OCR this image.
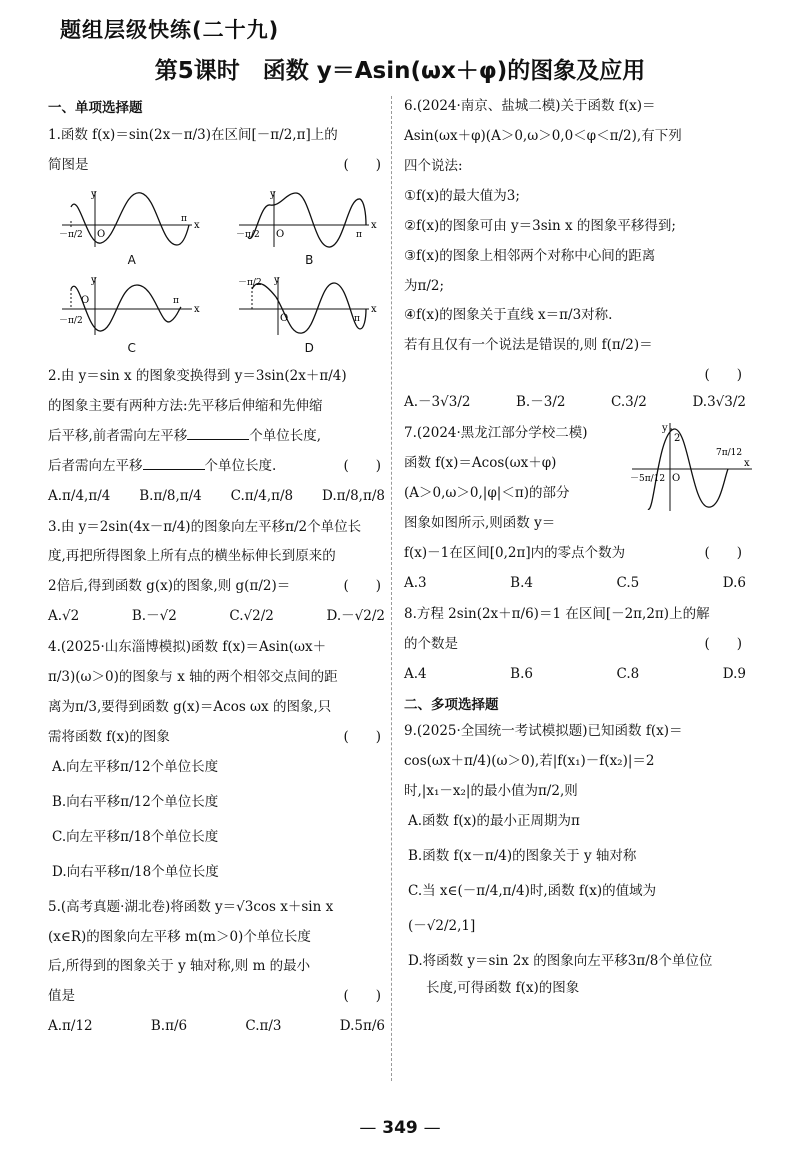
题组层级快练(二十九)
第5课时　函数 y＝Asin(ωx＋φ)的图象及应用
一、单项选择题
1.函数 f(x)＝sin(2x－π/3)在区间[－π/2,π]上的
简图是	(　　)
y
x
O
－π/2
π
A
y
x
O
－π/2	π
B
y
x
O
－π/2
π
C
y
x
O
－π/2
π
D
2.由 y＝sin x 的图象变换得到 y＝3sin(2x＋π/4)
的图象主要有两种方法:先平移后伸缩和先伸缩
后平移,前者需向左平移	个单位长度,
后者需向左平移	个单位长度.	(　　)
A.π/4,π/4 B.π/8,π/4 C.π/4,π/8 D.π/8,π/8
3.由 y＝2sin(4x－π/4)的图象向左平移π/2个单位长
度,再把所得图象上所有点的横坐标伸长到原来的
2倍后,得到函数 g(x)的图象,则 g(π/2)＝	(　　)
A.√2	B.－√2	C.√2/2	D.－√2/2
4.(2025·山东淄博模拟)函数 f(x)＝Asin(ωx＋
π/3)(ω＞0)的图象与 x 轴的两个相邻交点间的距
离为π/3,要得到函数 g(x)＝Acos ωx 的图象,只
需将函数 f(x)的图象	(　　)
A.向左平移π/12个单位长度
B.向右平移π/12个单位长度
C.向左平移π/18个单位长度
D.向右平移π/18个单位长度
5.(高考真题·湖北卷)将函数 y＝√3cos x＋sin x
(x∈R)的图象向左平移 m(m＞0)个单位长度
后,所得到的图象关于 y 轴对称,则 m 的最小
值是	(　　)
A.π/12	B.π/6	C.π/3	D.5π/6
6.(2024·南京、盐城二模)关于函数 f(x)＝
Asin(ωx＋φ)(A＞0,ω＞0,0＜φ＜π/2),有下列
四个说法:
①f(x)的最大值为3;
②f(x)的图象可由 y＝3sin x 的图象平移得到;
③f(x)的图象上相邻两个对称中心间的距离
为π/2;
④f(x)的图象关于直线 x＝π/3对称.
若有且仅有一个说法是错误的,则 f(π/2)＝
(　　)
A.－3√3/2	B.－3/2	C.3/2	D.3√3/2
y
2
O
x
－5π/12
7π/12
7.(2024·黑龙江部分学校二模)
函数 f(x)＝Acos(ωx＋φ)
(A＞0,ω＞0,|φ|＜π)的部分
图象如图所示,则函数 y＝
f(x)－1在区间[0,2π]内的零点个数为	(　　)
A.3	B.4	C.5	D.6
8.方程 2sin(2x＋π/6)＝1 在区间[－2π,2π)上的解
的个数是	(　　)
A.4	B.6	C.8	D.9
二、多项选择题
9.(2025·全国统一考试模拟题)已知函数 f(x)＝
cos(ωx＋π/4)(ω＞0),若|f(x₁)－f(x₂)|＝2
时,|x₁－x₂|的最小值为π/2,则
A.函数 f(x)的最小正周期为π
B.函数 f(x－π/4)的图象关于 y 轴对称
C.当 x∈(－π/4,π/4)时,函数 f(x)的值域为
(－√2/2,1]
D.将函数 y＝sin 2x 的图象向左平移3π/8个单位位
长度,可得函数 f(x)的图象
— 349 —
